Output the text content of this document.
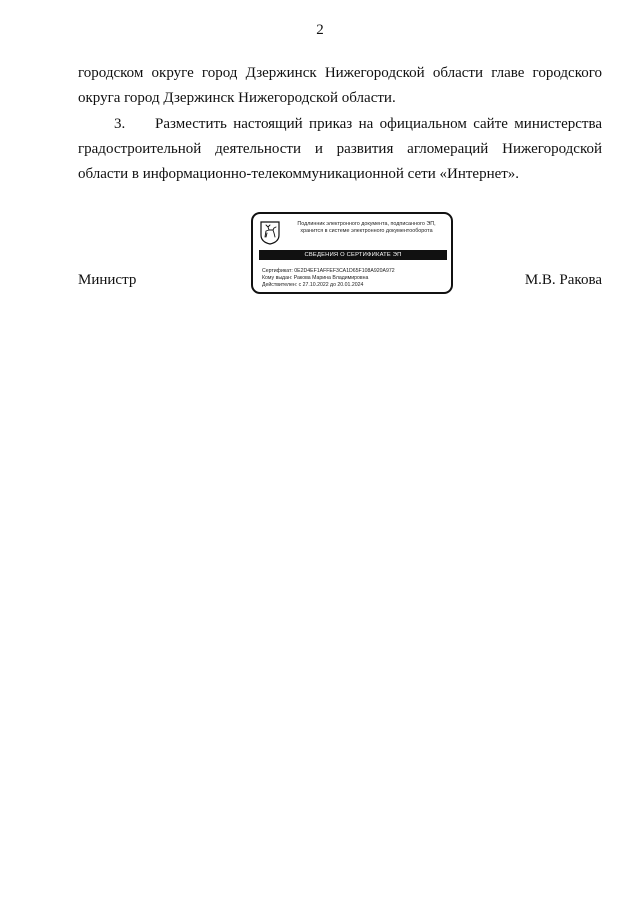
2
городском округе город Дзержинск Нижегородской области главе городского
округа город Дзержинск Нижегородской области.
3. Разместить настоящий приказ на официальном сайте министерства
градостроительной деятельности и развития агломераций Нижегородской
области в информационно-телекоммуникационной сети «Интернет».
Министр	М.В. Ракова
Подлинник электронного документа, подписанного ЭП,
хранится в системе электронного документооборота
СВЕДЕНИЯ О СЕРТИФИКАТЕ ЭП
Сертификат: 0E2D4EF1AFFEF3CA1D65F108A920A972
Кому выдан: Ракова Марина Владимировна
Действителен: с 27.10.2022 до 20.01.2024
